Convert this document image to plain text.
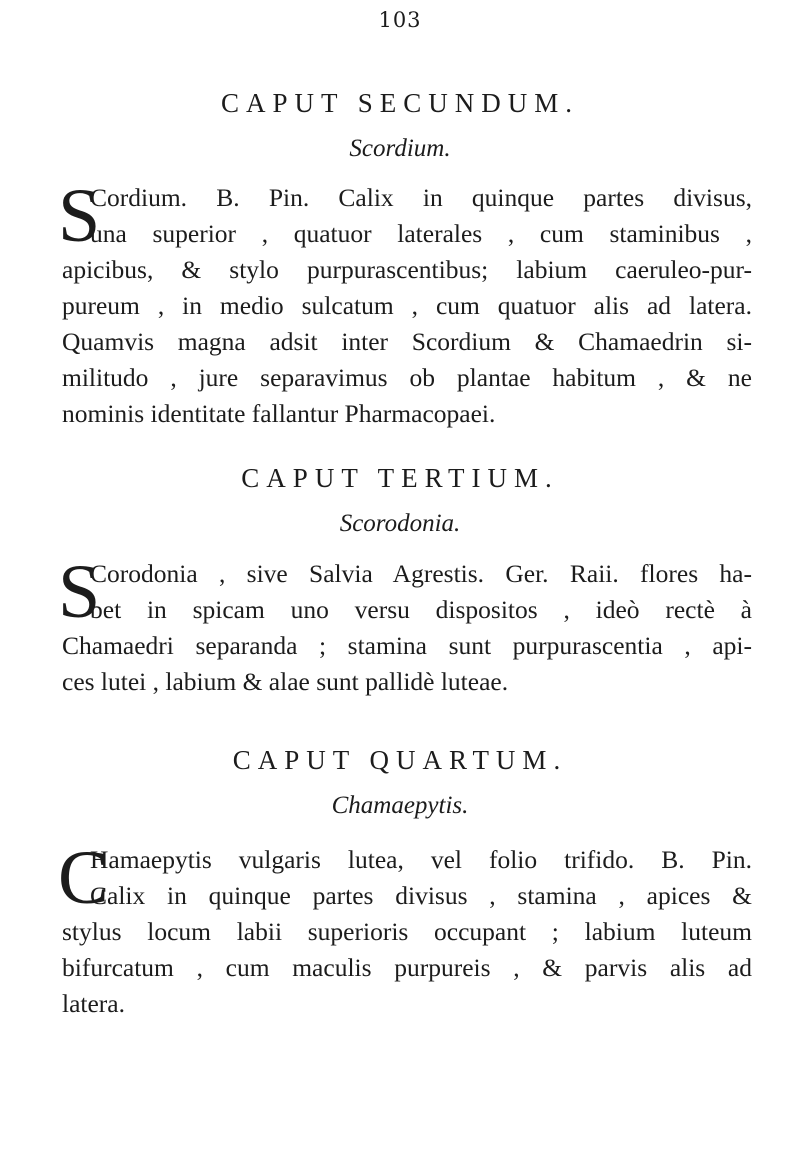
103
CAPUT SECUNDUM.
Scordium.
S
Cordium. B. Pin. Calix in quinque partes divisus,
una superior , quatuor laterales , cum staminibus ,
apicibus, & stylo purpurascentibus; labium caeruleo-pur-
pureum , in medio sulcatum , cum quatuor alis ad latera.
Quamvis magna adsit inter Scordium & Chamaedrin si-
militudo , jure separavimus ob plantae habitum , & ne
nominis identitate fallantur Pharmacopaei.
CAPUT TERTIUM.
Scorodonia.
S
Corodonia , sive Salvia Agrestis. Ger. Raii. flores ha-
bet in spicam uno versu dispositos , ideò rectè à
Chamaedri separanda ; stamina sunt purpurascentia , api-
ces lutei , labium & alae sunt pallidè luteae.
CAPUT QUARTUM.
Chamaepytis.
C
Hamaepytis vulgaris lutea, vel folio trifido. B. Pin.
Calix in quinque partes divisus , stamina , apices &
stylus locum labii superioris occupant ; labium luteum
bifurcatum , cum maculis purpureis , & parvis alis ad
latera.
